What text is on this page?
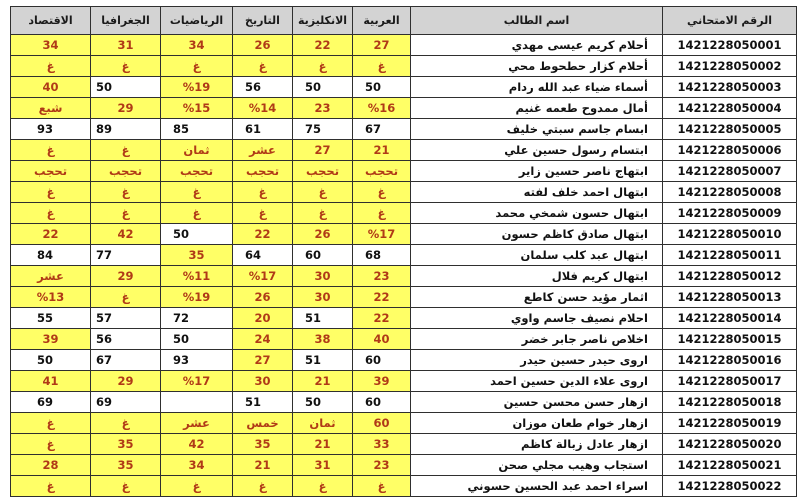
الرقم الامتحاني
اسم الطالب
العربية
الانكليزية
التاريخ
الرياضيات
الجغرافيا
الاقتصاد
1421228050001
أحلام كريم عيسى مهدي
27
22
26
34
31
34
1421228050002
أحلام كزار حطحوط محي
غ
غ
غ
غ
غ
غ
1421228050003
أسماء ضياء عبد الله ردام
50
50
56
%19
50
40
1421228050004
أمال ممدوح طعمه غنيم
%16
23
%14
%15
29
شبع
1421228050005
ابسام جاسم سبتي خليف
67
75
61
85
89
93
1421228050006
ابتسام رسول حسين علي
21
27
عشر
ثمان
غ
غ
1421228050007
ابتهاج ناصر حسين زاير
تحجب
تحجب
تحجب
تحجب
تحجب
تحجب
1421228050008
ابتهال احمد خلف لفته
غ
غ
غ
غ
غ
غ
1421228050009
ابتهال حسون شمخي محمد
غ
غ
غ
غ
غ
غ
1421228050010
ابتهال صادق كاظم حسون
%17
26
22
50
42
22
1421228050011
ابتهال عبد كلب سلمان
68
60
64
35
77
84
1421228050012
ابتهال كريم فلال
23
30
%17
%11
29
عشر
1421228050013
اثمار مؤيد حسن كاطع
22
30
26
%19
غ
%13
1421228050014
احلام نصيف جاسم واوي
22
51
20
72
57
55
1421228050015
اخلاص ناصر جابر خضر
40
38
24
50
56
39
1421228050016
اروى حيدر حسين حيدر
60
51
27
93
67
50
1421228050017
اروى علاء الدين حسين احمد
39
21
30
%17
29
41
1421228050018
ازهار حسن محسن حسين
60
50
51
69
69
1421228050019
ازهار خوام طعان موزان
60
ثمان
خمس
عشر
غ
غ
1421228050020
ازهار عادل زبالة كاظم
33
21
35
42
35
غ
1421228050021
استجاب وهيب مجلي صحن
23
31
21
34
35
28
1421228050022
اسراء احمد عبد الحسين حسوني
غ
غ
غ
غ
غ
غ
